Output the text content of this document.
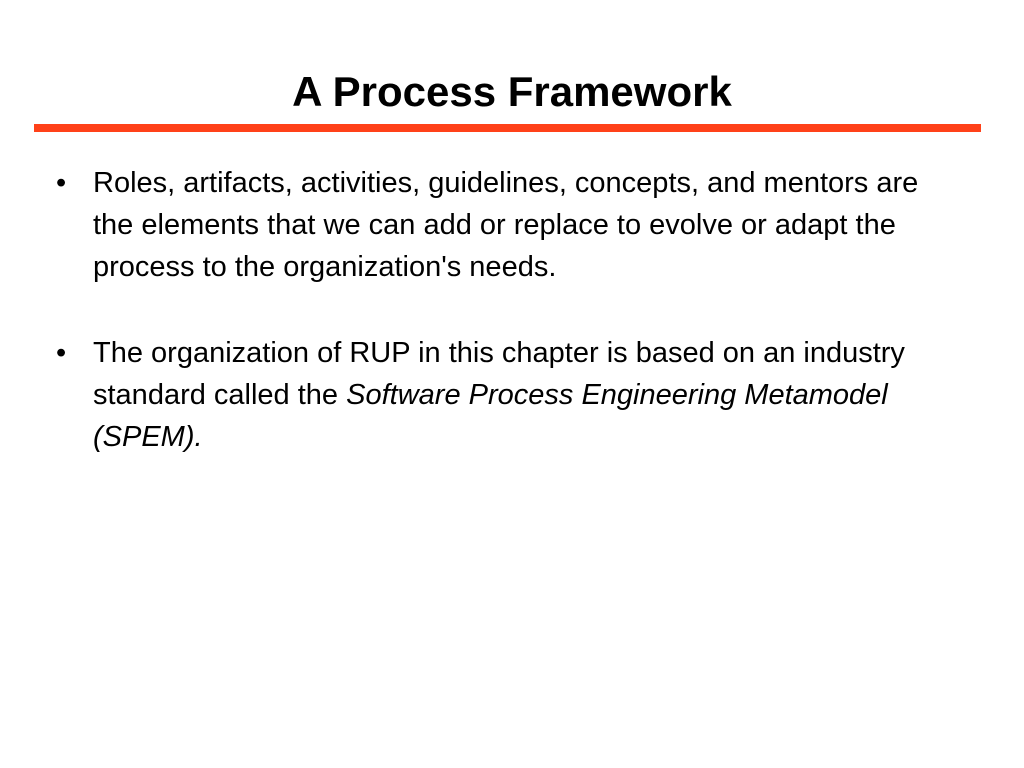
A Process Framework
• Roles, artifacts, activities, guidelines, concepts, and mentors are the elements that we can add or replace to evolve or adapt the process to the organization's needs.
• The organization of RUP in this chapter is based on an industry standard called the Software Process Engineering Metamodel (SPEM).
